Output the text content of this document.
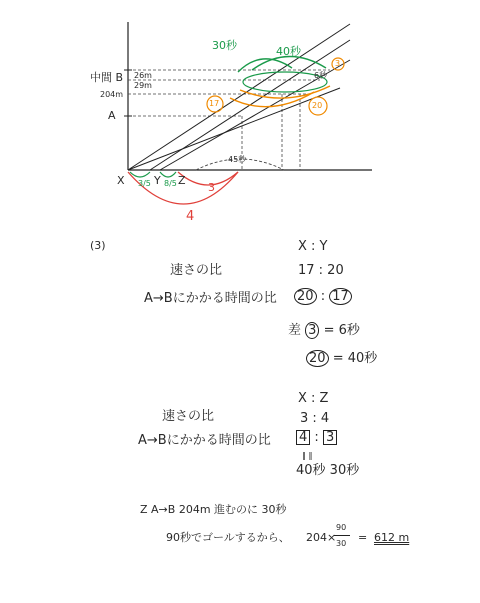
中間 B 26m
29m
204m
A
30秒	40秒
6秒
3
17	20
45秒
X	Y Z
3/5 8/5	3
4
(3)	X : Y
速さの比	17 : 20
A→Bにかかる時間の比 20 : 17
差 3 = 6秒
20 = 40秒
X : Z
速さの比	3 : 4
A→Bにかかる時間の比 4 : 3
‖ ‖
40秒 30秒
Z A→B 204m 進むのに 30秒
90秒でゴールするから、 204×
90
30 = 612 m
